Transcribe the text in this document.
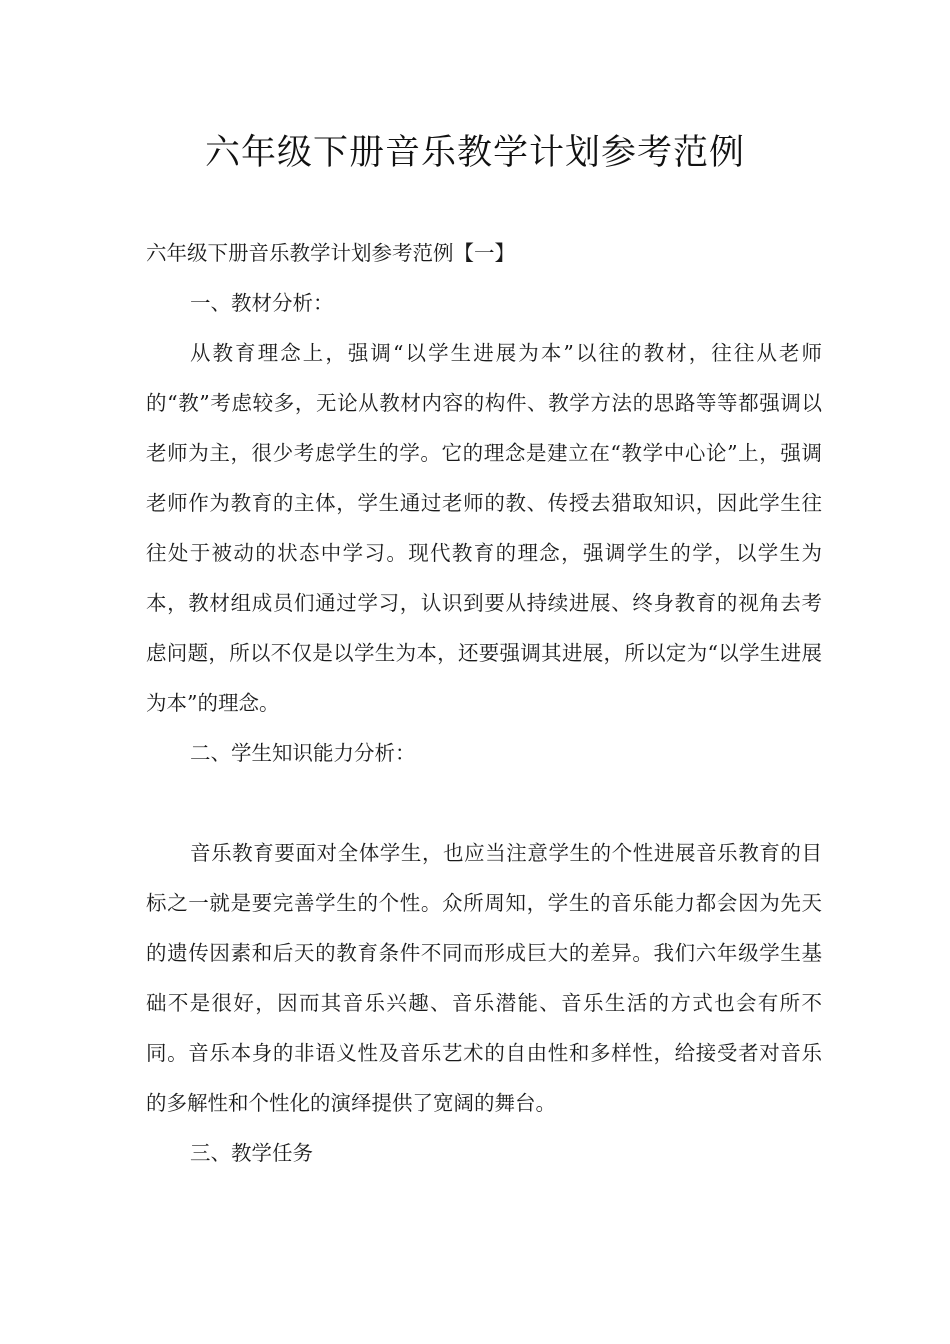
六年级下册音乐教学计划参考范例

六年级下册音乐教学计划参考范例【一】

一、教材分析：

从教育理念上，强调“以学生进展为本”以往的教材，往往从老师的“教”考虑较多，无论从教材内容的构件、教学方法的思路等等都强调以老师为主，很少考虑学生的学。它的理念是建立在“教学中心论”上，强调老师作为教育的主体，学生通过老师的教、传授去猎取知识，因此学生往往处于被动的状态中学习。现代教育的理念，强调学生的学，以学生为本，教材组成员们通过学习，认识到要从持续进展、终身教育的视角去考虑问题，所以不仅是以学生为本，还要强调其进展，所以定为“以学生进展为本”的理念。

二、学生知识能力分析：

音乐教育要面对全体学生，也应当注意学生的个性进展音乐教育的目标之一就是要完善学生的个性。众所周知，学生的音乐能力都会因为先天的遗传因素和后天的教育条件不同而形成巨大的差异。我们六年级学生基础不是很好，因而其音乐兴趣、音乐潜能、音乐生活的方式也会有所不同。音乐本身的非语义性及音乐艺术的自由性和多样性，给接受者对音乐的多解性和个性化的演绎提供了宽阔的舞台。

三、教学任务
